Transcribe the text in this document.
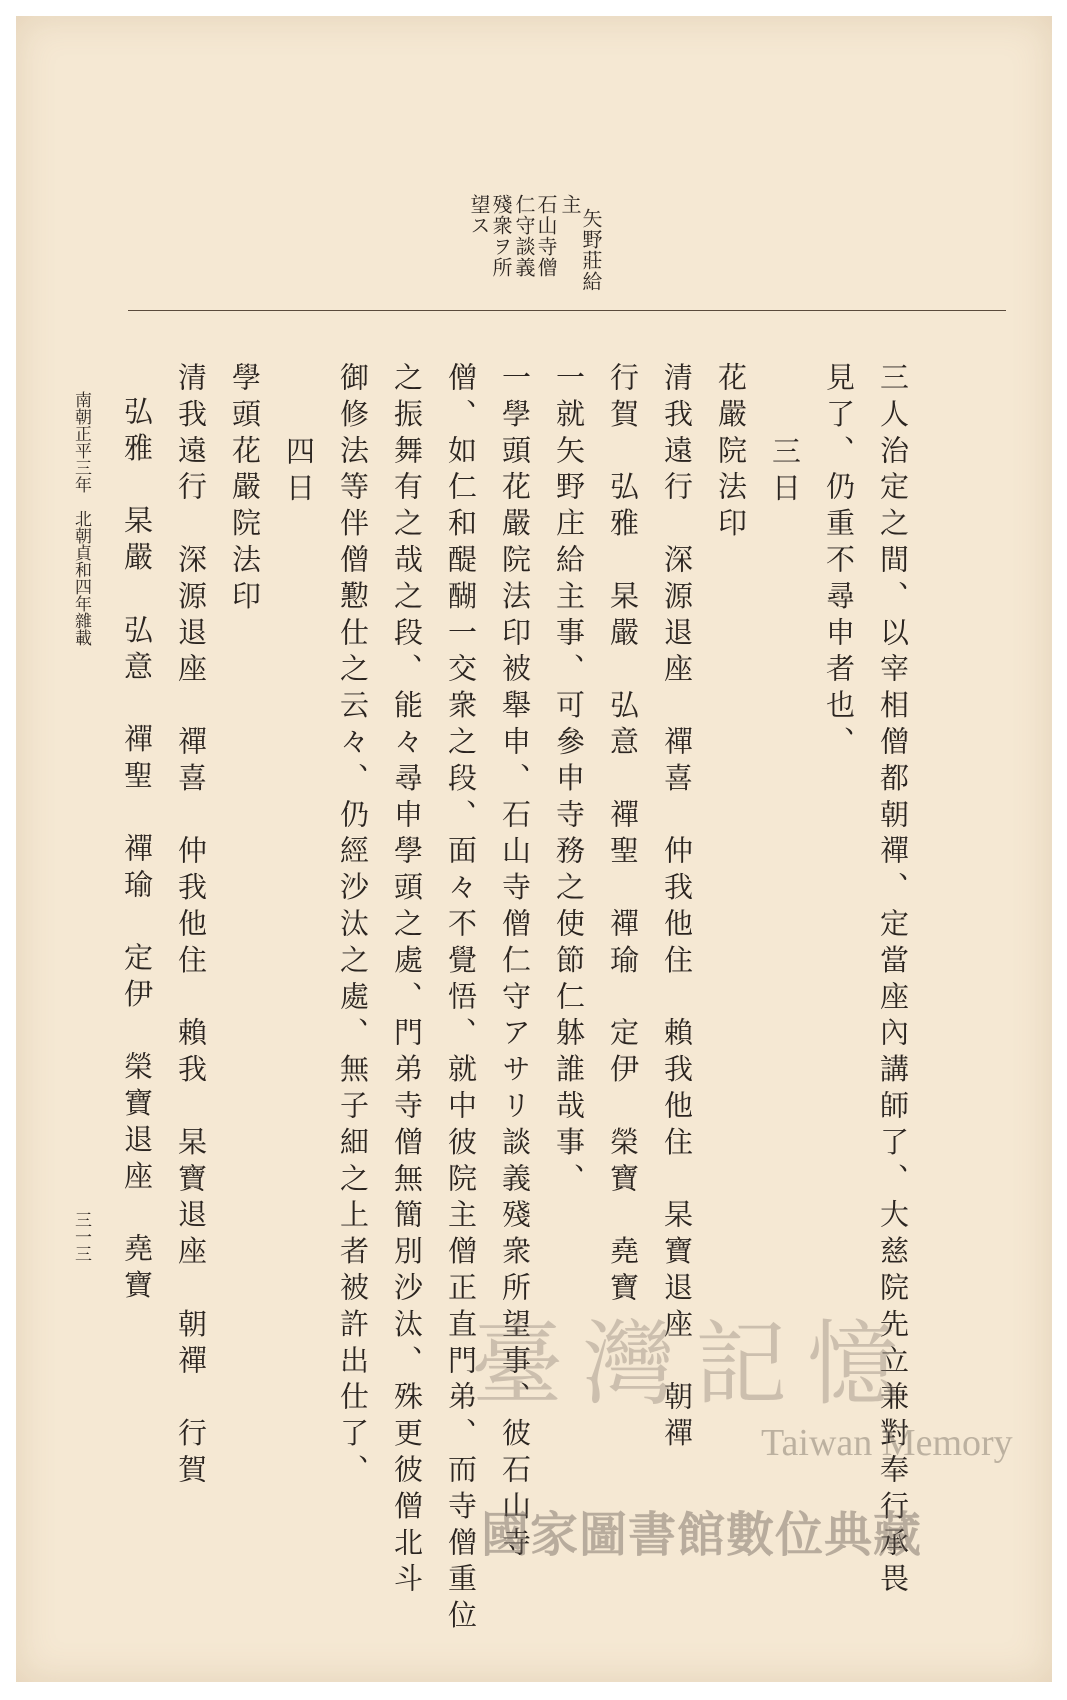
矢野莊給
主
石山寺僧
仁守談義
殘衆ヲ所
望ス
三人治定之間、以宰相僧都朝禪、定當座內講師了、大慈院先立兼對奉行承畏
見了、仍重不尋申者也、
三日
花嚴院法印
清我遠行　深源退座　禪喜　仲我他住　賴我他住　杲寶退座　朝禪
行賀　弘雅　杲嚴　弘意　禪聖　禪瑜　定伊　榮寶　堯寶
一就矢野庄給主事、可參申寺務之使節仁躰誰哉事、
一學頭花嚴院法印被舉申、石山寺僧仁守アサリ談義殘衆所望事、彼石山寺
僧、如仁和醍醐一交衆之段、面々不覺悟、就中彼院主僧正直門弟、而寺僧重位
之振舞有之哉之段、能々尋申學頭之處、門弟寺僧無簡別沙汰、殊更彼僧北斗
御修法等伴僧懃仕之云々、仍經沙汰之處、無子細之上者被許出仕了、
四日
學頭花嚴院法印
清我遠行　深源退座　禪喜　仲我他住　賴我　杲寶退座　朝禪　行賀
弘雅　杲嚴　弘意　禪聖　禪瑜　定伊　榮寶退座　堯寶
南朝正平三年　北朝貞和四年雜載
三一三
臺灣記憶
Taiwan Memory
國家圖書館數位典藏
